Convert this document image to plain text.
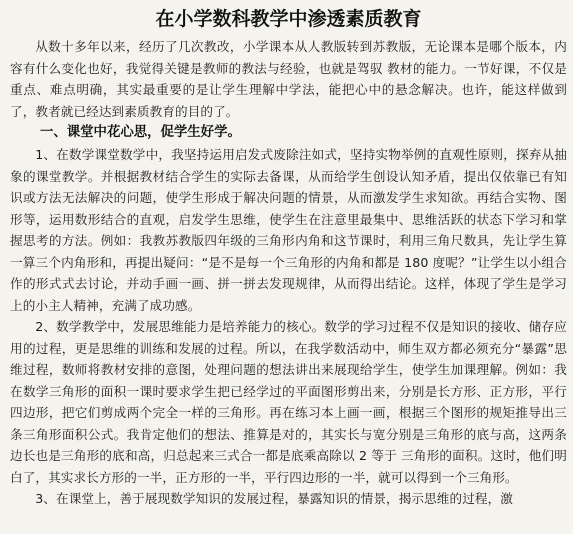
在小学数科教学中渗透素质教育

从数十多年以来，经历了几次教改，小学课本从人教版转到苏教版，无论课本是哪个版本，内容有什么变化也好，我觉得关键是教师的教法与经验，也就是驾驭 教材的能力。一节好课，不仅是重点、难点明确，其实最重要的是让学生理解中学法，能把心中的悬念解决。也许，能这样做到了，教者就已经达到素质教育的目的了。

一、课堂中花心思，促学生好学。

1、在数学课堂数学中，我坚持运用启发式废除注如式，坚持实物举例的直观性原则，探弃从抽象的课堂教学。并根据教材结合学生的实际去备课，从而给学生创设认知矛盾，提出仅依靠已有知识或方法无法解决的问题，使学生形成于解决问题的情景，从而激发学生求知欲。再结合实物、图形等，运用数形结合的直观，启发学生思维，使学生在注意里最集中、思维活跃的状态下学习和掌握思考的方法。例如：我教苏教版四年级的三角形内角和这节课时，利用三角尺数具，先让学生算一算三个内角形和，再提出疑问：“是不是每一个三角形的内角和都是 180 度呢？”让学生以小组合作的形式式去讨论，并动手画一画、拼一拼去发现规律，从而得出结论。这样，体现了学生是学习上的小主人精神，充满了成功感。

2、数学教学中，发展思维能力是培养能力的核心。数学的学习过程不仅是知识的接收、储存应用的过程，更是思维的训练和发展的过程。所以，在我学数活动中，师生双方都必须充分“暴露”思维过程，数师将教材安排的意图，处理问题的想法讲出来展现给学生，使学生加课理解。例如：我在数学三角形的面积一课时要求学生把已经学过的平面图形剪出来，分别是长方形、正方形，平行四边形，把它们剪成两个完全一样的三角形。再在练习本上画一画，根据三个图形的规矩推导出三条三角形面积公式。我肯定他们的想法、推算是对的，其实长与宽分别是三角形的底与高，这两条边长也是三角形的底和高，归总起来三式合一都是底乘高除以 2 等于 三角形的面积。这时，他们明白了，其实求长方形的一半，正方形的一半，平行四边形的一半，就可以得到一个三角形。

3、在课堂上，善于展现数学知识的发展过程，暴露知识的情景，揭示思维的过程，激
